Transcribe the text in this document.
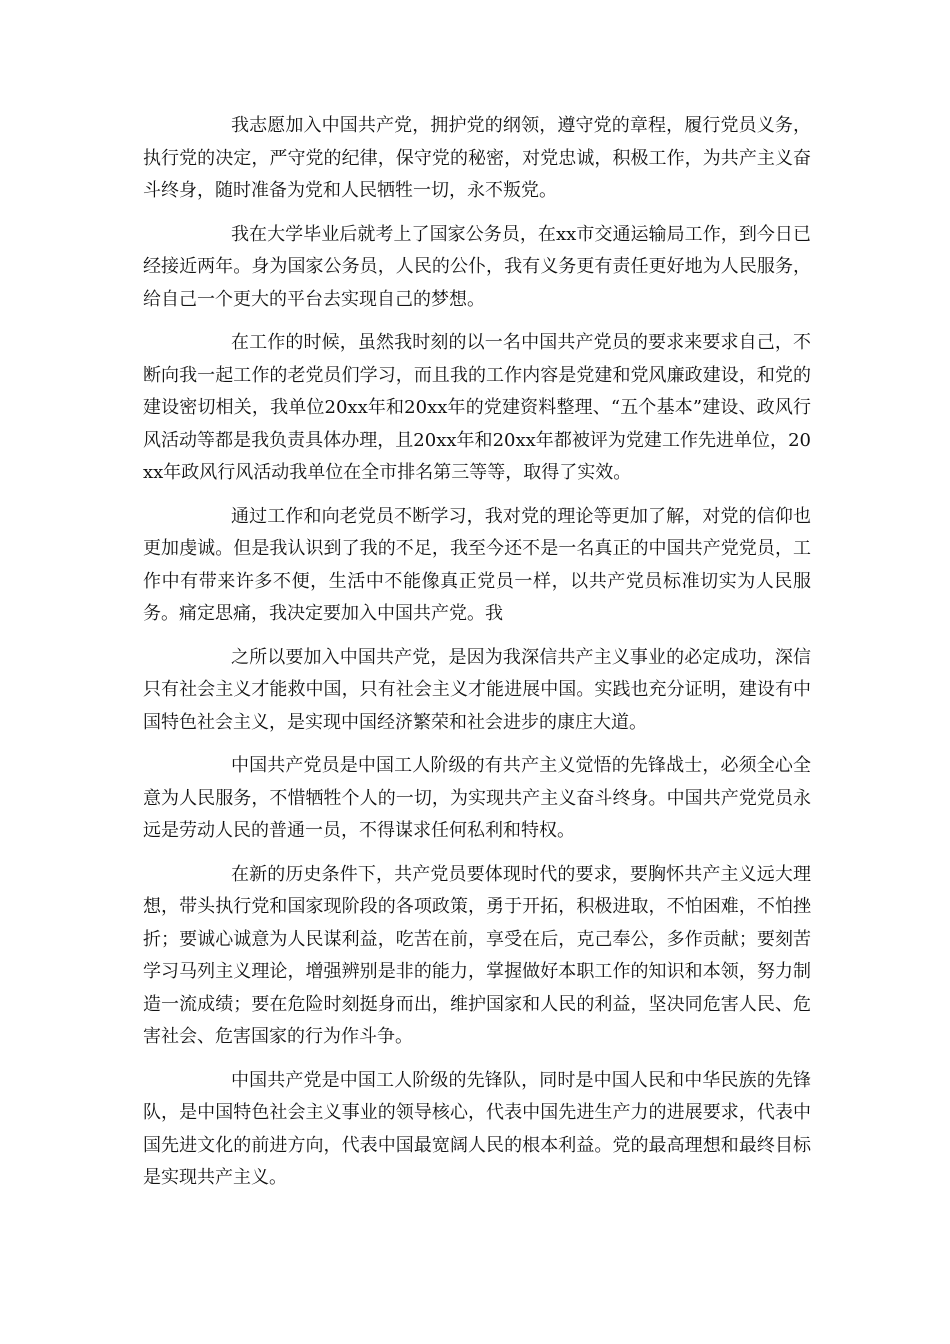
我志愿加入中国共产党，拥护党的纲领，遵守党的章程，履行党员义务，执行党的决定，严守党的纪律，保守党的秘密，对党忠诚，积极工作，为共产主义奋斗终身，随时准备为党和人民牺牲一切，永不叛党。

我在大学毕业后就考上了国家公务员，在xx市交通运输局工作，到今日已经接近两年。身为国家公务员，人民的公仆，我有义务更有责任更好地为人民服务，给自己一个更大的平台去实现自己的梦想。

在工作的时候，虽然我时刻的以一名中国共产党员的要求来要求自己，不断向我一起工作的老党员们学习，而且我的工作内容是党建和党风廉政建设，和党的建设密切相关，我单位20xx年和20xx年的党建资料整理、“五个基本”建设、政风行风活动等都是我负责具体办理，且20xx年和20xx年都被评为党建工作先进单位，20xx年政风行风活动我单位在全市排名第三等等，取得了实效。

通过工作和向老党员不断学习，我对党的理论等更加了解，对党的信仰也更加虔诚。但是我认识到了我的不足，我至今还不是一名真正的中国共产党党员，工作中有带来许多不便，生活中不能像真正党员一样，以共产党员标准切实为人民服务。痛定思痛，我决定要加入中国共产党。我

之所以要加入中国共产党，是因为我深信共产主义事业的必定成功，深信只有社会主义才能救中国，只有社会主义才能进展中国。实践也充分证明，建设有中国特色社会主义，是实现中国经济繁荣和社会进步的康庄大道。

中国共产党员是中国工人阶级的有共产主义觉悟的先锋战士，必须全心全意为人民服务，不惜牺牲个人的一切，为实现共产主义奋斗终身。中国共产党党员永远是劳动人民的普通一员，不得谋求任何私利和特权。

在新的历史条件下，共产党员要体现时代的要求，要胸怀共产主义远大理想，带头执行党和国家现阶段的各项政策，勇于开拓，积极进取，不怕困难，不怕挫折；要诚心诚意为人民谋利益，吃苦在前，享受在后，克己奉公，多作贡献；要刻苦学习马列主义理论，增强辨别是非的能力，掌握做好本职工作的知识和本领，努力制造一流成绩；要在危险时刻挺身而出，维护国家和人民的利益，坚决同危害人民、危害社会、危害国家的行为作斗争。

中国共产党是中国工人阶级的先锋队，同时是中国人民和中华民族的先锋队，是中国特色社会主义事业的领导核心，代表中国先进生产力的进展要求，代表中国先进文化的前进方向，代表中国最宽阔人民的根本利益。党的最高理想和最终目标是实现共产主义。
